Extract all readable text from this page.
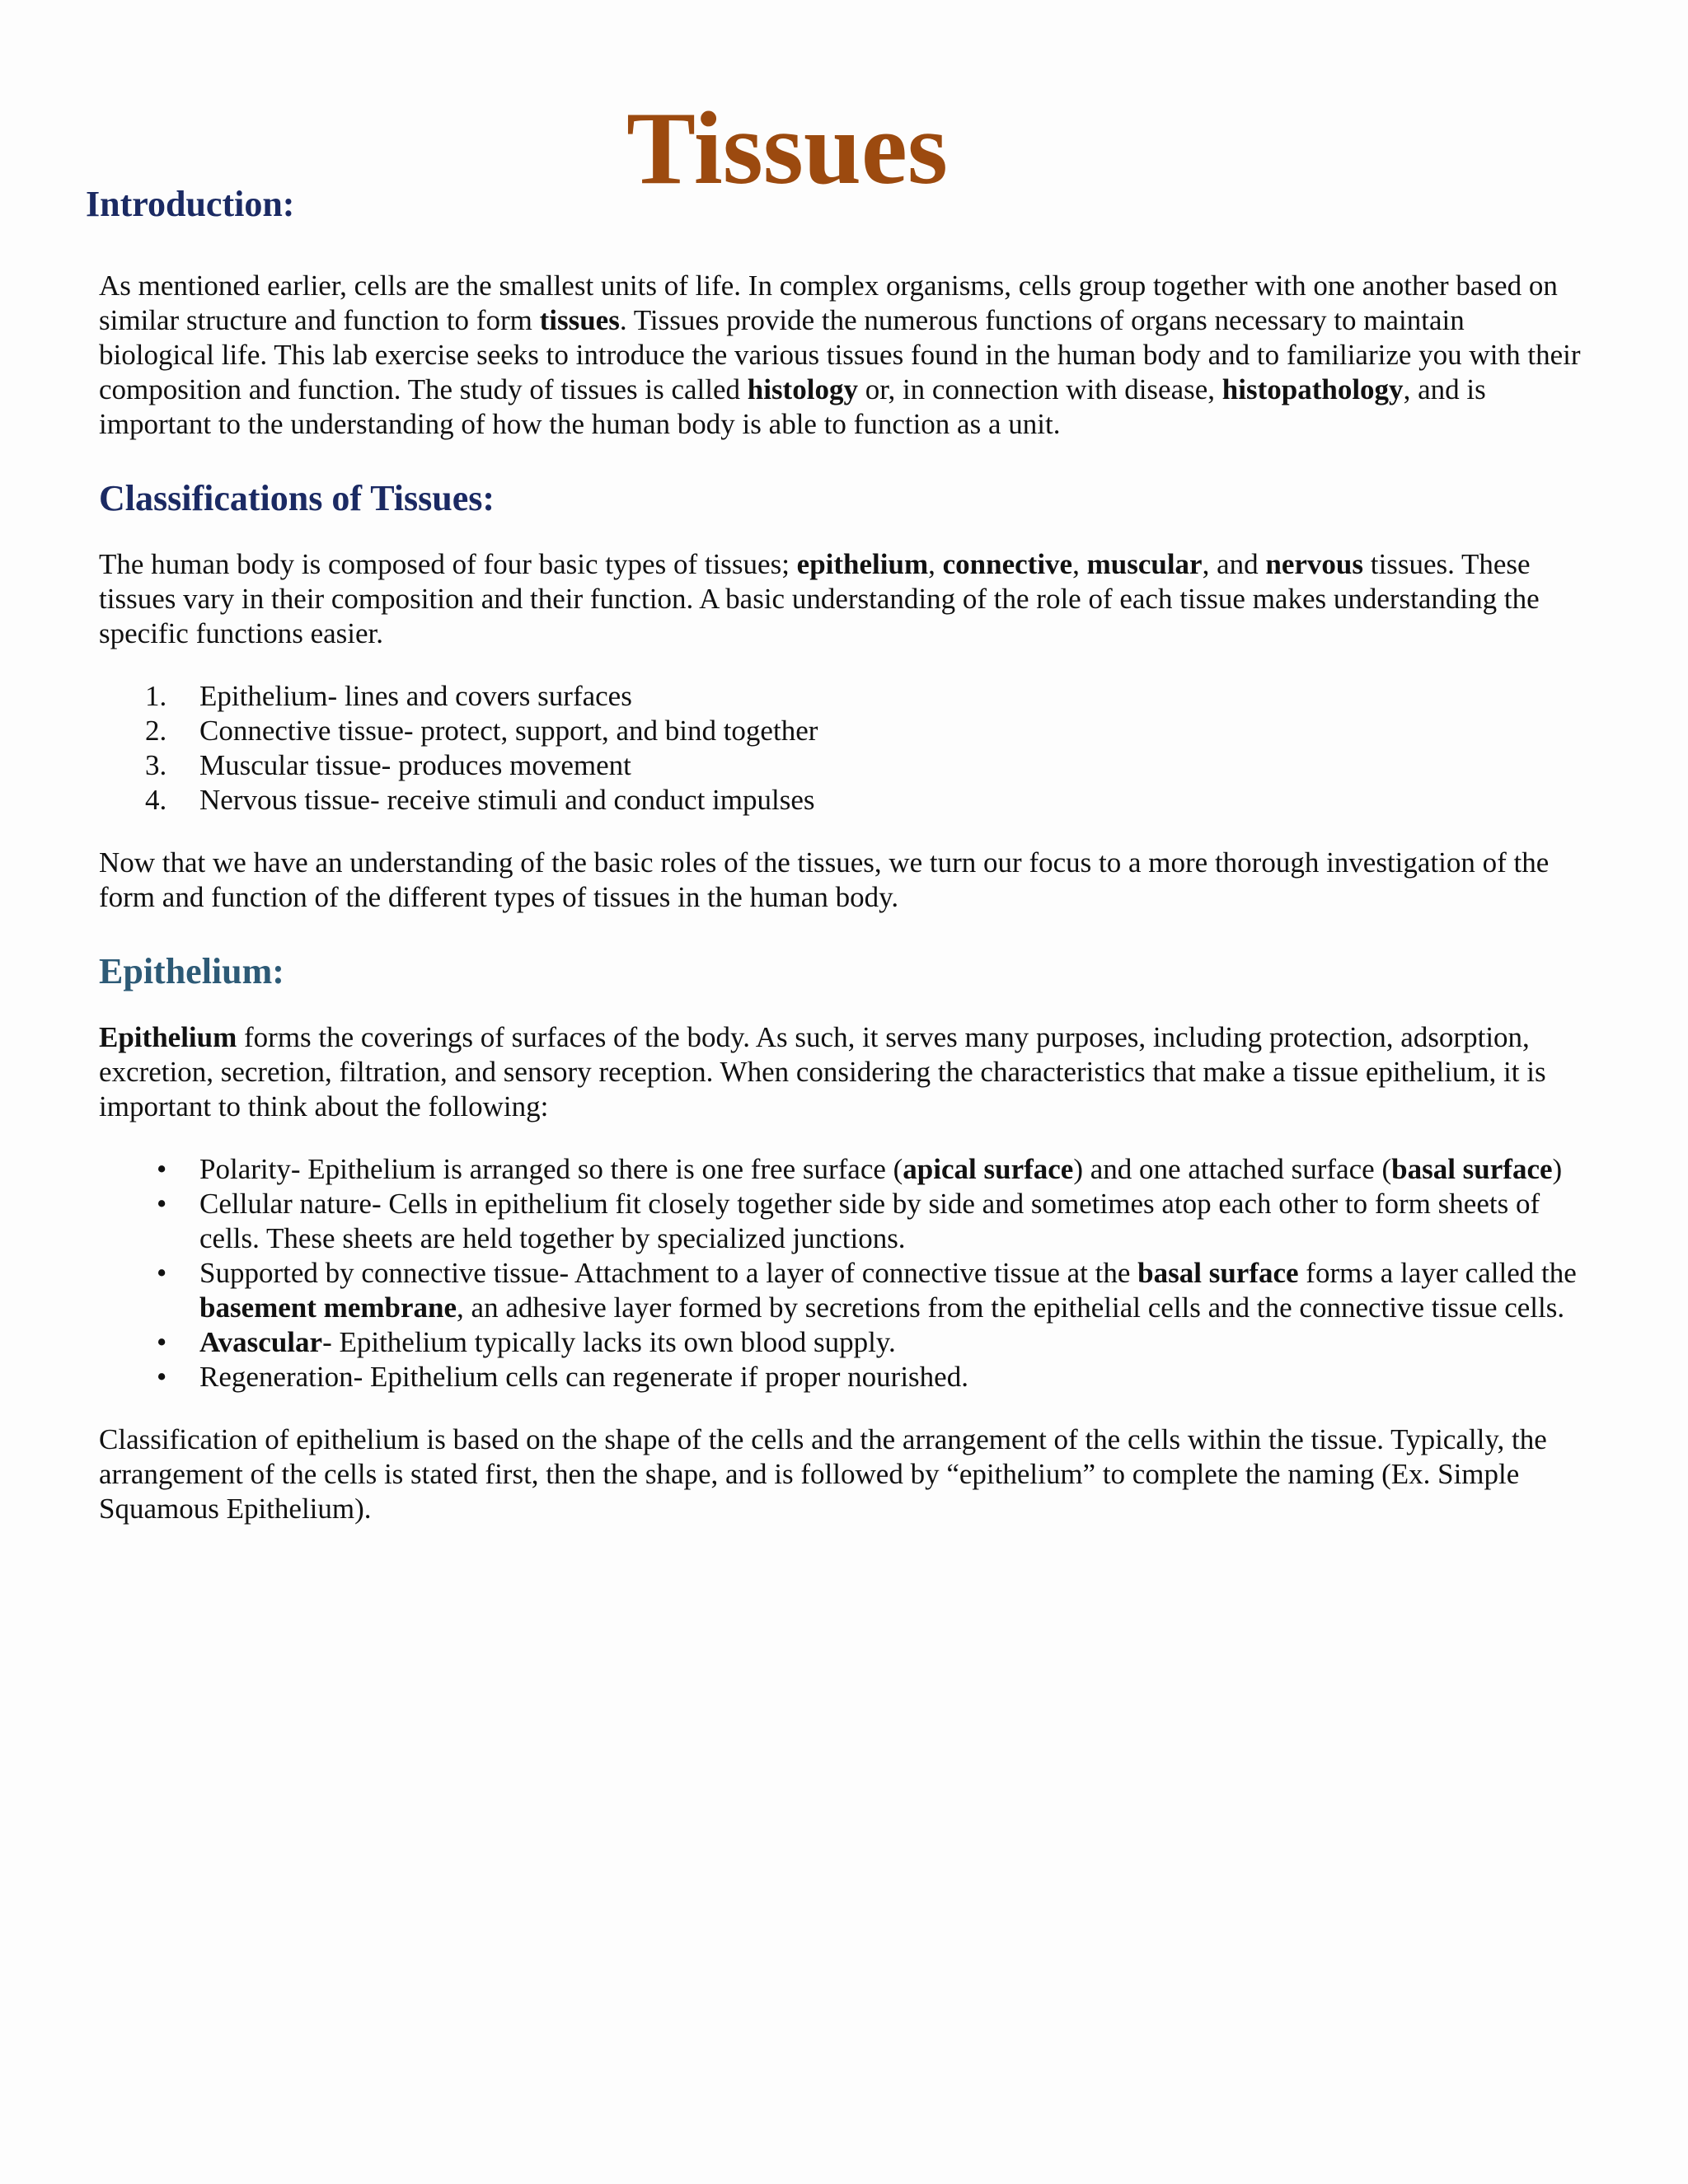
Tissues
Introduction:

As mentioned earlier, cells are the smallest units of life. In complex organisms, cells group together with one another based on similar structure and function to form tissues. Tissues provide the numerous functions of organs necessary to maintain biological life. This lab exercise seeks to introduce the various tissues found in the human body and to familiarize you with their composition and function. The study of tissues is called histology or, in connection with disease, histopathology, and is important to the understanding of how the human body is able to function as a unit.

Classifications of Tissues:

The human body is composed of four basic types of tissues; epithelium, connective, muscular, and nervous tissues. These tissues vary in their composition and their function. A basic understanding of the role of each tissue makes understanding the specific functions easier.

1. Epithelium- lines and covers surfaces
2. Connective tissue- protect, support, and bind together
3. Muscular tissue- produces movement
4. Nervous tissue- receive stimuli and conduct impulses

Now that we have an understanding of the basic roles of the tissues, we turn our focus to a more thorough investigation of the form and function of the different types of tissues in the human body.

Epithelium:

Epithelium forms the coverings of surfaces of the body. As such, it serves many purposes, including protection, adsorption, excretion, secretion, filtration, and sensory reception. When considering the characteristics that make a tissue epithelium, it is important to think about the following:

• Polarity- Epithelium is arranged so there is one free surface (apical surface) and one attached surface (basal surface)
• Cellular nature- Cells in epithelium fit closely together side by side and sometimes atop each other to form sheets of cells. These sheets are held together by specialized junctions.
• Supported by connective tissue- Attachment to a layer of connective tissue at the basal surface forms a layer called the basement membrane, an adhesive layer formed by secretions from the epithelial cells and the connective tissue cells.
• Avascular- Epithelium typically lacks its own blood supply.
• Regeneration- Epithelium cells can regenerate if proper nourished.

Classification of epithelium is based on the shape of the cells and the arrangement of the cells within the tissue. Typically, the arrangement of the cells is stated first, then the shape, and is followed by “epithelium” to complete the naming (Ex. Simple Squamous Epithelium).
